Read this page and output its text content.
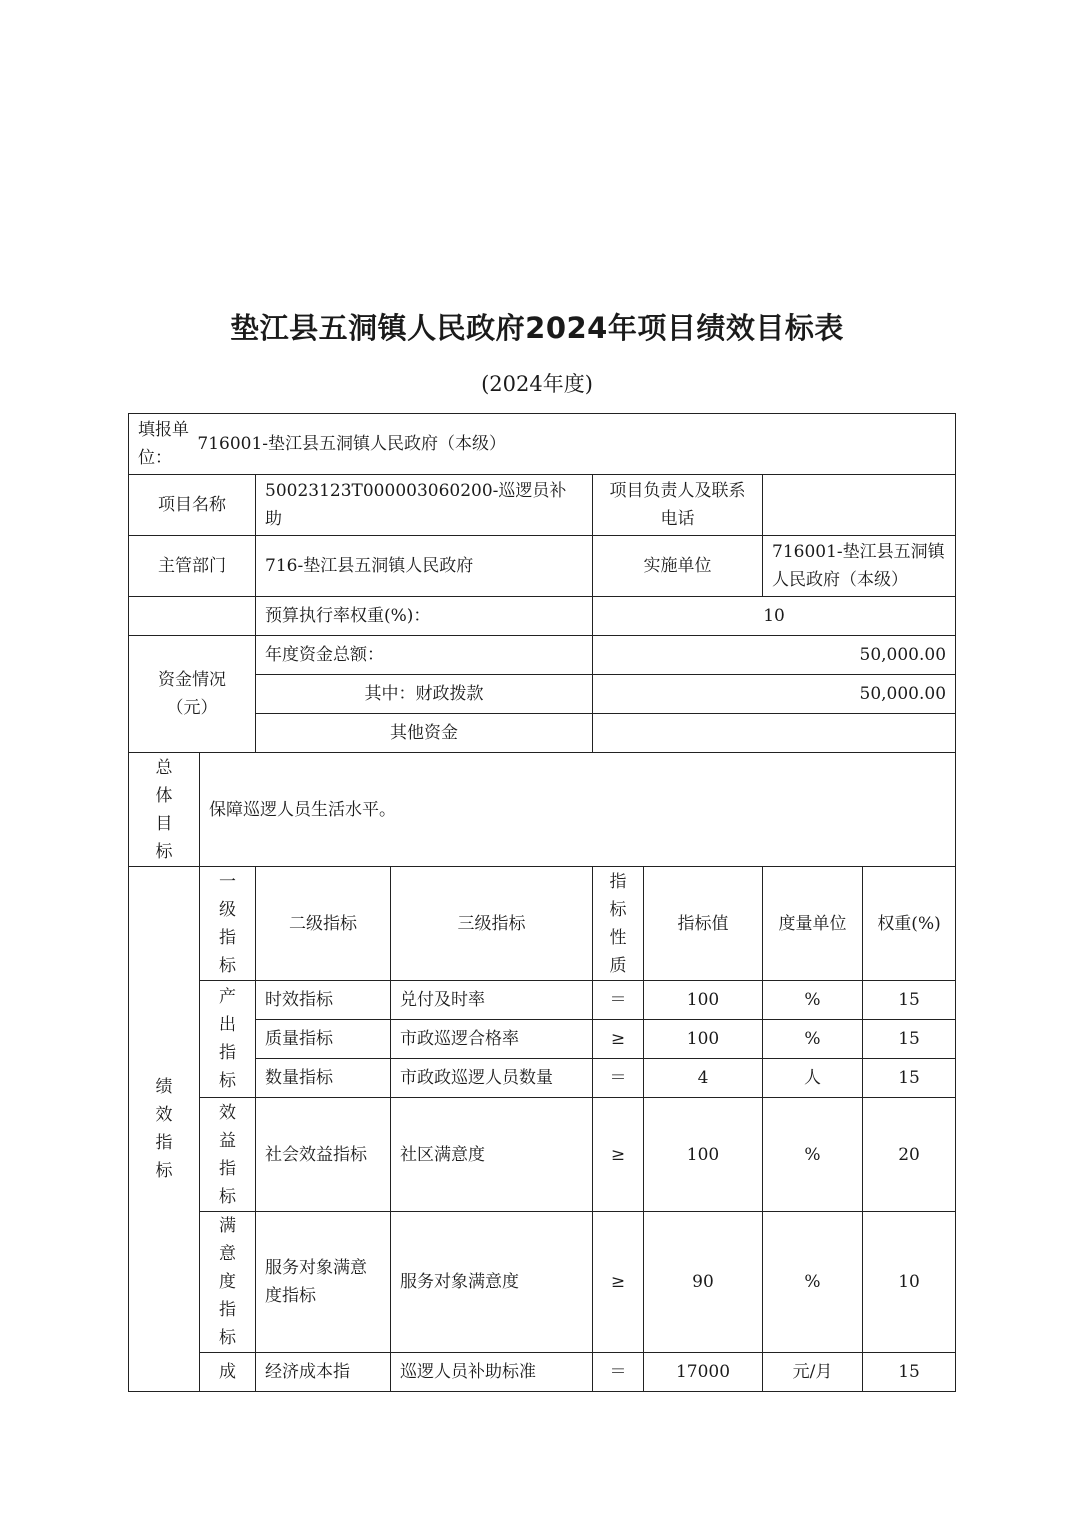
垫江县五洞镇人民政府2024年项目绩效目标表
(2024年度)
填报单位： 716001-垫江县五洞镇人民政府（本级）							
项目名称		50023123T000003060200-巡逻员补助		项目负责人及联系电话			
主管部门		716-垫江县五洞镇人民政府		实施单位		716001-垫江县五洞镇人民政府（本级）	
		预算执行率权重(%)：		10			
资金情况（元）		年度资金总额：		50,000.00			
		其中：财政拨款		50,000.00			
		其他资金					

总体目标	保障巡逻人员生活水平。						

绩效指标	一级指标	二级指标	三级指标	指标性质	指标值	度量单位	权重(%)

	产出指标	时效指标	兑付及时率	＝	100	%	15
		质量指标	市政巡逻合格率	≥	100	%	15
		数量指标	市政政巡逻人员数量	＝	4	人	15

	效益指标	社会效益指标	社区满意度	≥	100	%	20

	满意度指标	服务对象满意度指标	服务对象满意度	≥	90	%	10

	成	经济成本指	巡逻人员补助标准	＝	17000	元/月	15
